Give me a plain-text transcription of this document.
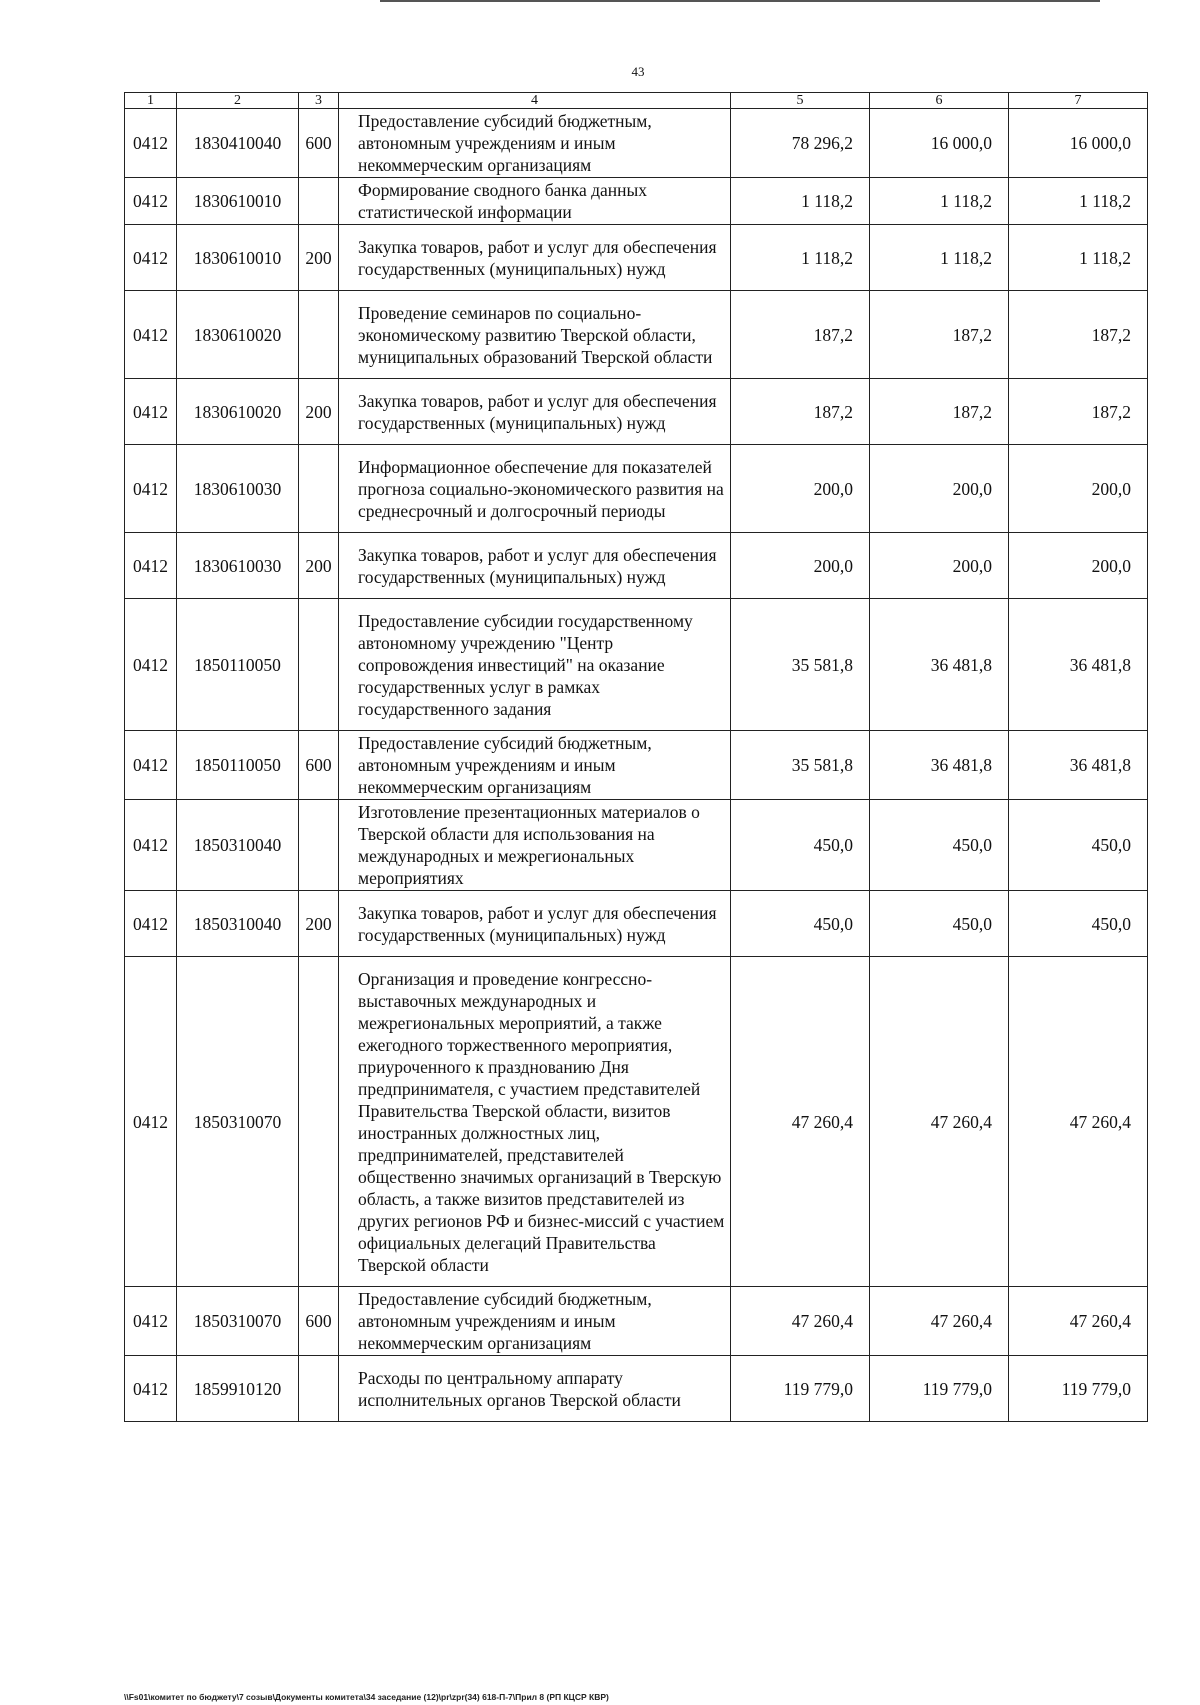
43
1	2	3	4	5	6	7
0412	1830410040	600	Предоставление субсидий бюджетным, автономным учреждениям и иным некоммерческим организациям	78 296,2	16 000,0	16 000,0
0412	1830610010		Формирование сводного банка данных статистической информации	1 118,2	1 118,2	1 118,2
0412	1830610010	200	Закупка товаров, работ и услуг для обеспечения государственных (муниципальных) нужд	1 118,2	1 118,2	1 118,2
0412	1830610020		Проведение семинаров по социально-экономическому развитию Тверской области, муниципальных образований Тверской области	187,2	187,2	187,2
0412	1830610020	200	Закупка товаров, работ и услуг для обеспечения государственных (муниципальных) нужд	187,2	187,2	187,2
0412	1830610030		Информационное обеспечение для показателей прогноза социально-экономического развития на среднесрочный и долгосрочный периоды	200,0	200,0	200,0
0412	1830610030	200	Закупка товаров, работ и услуг для обеспечения государственных (муниципальных) нужд	200,0	200,0	200,0
0412	1850110050		Предоставление субсидии государственному автономному учреждению "Центр сопровождения инвестиций" на оказание государственных услуг в рамках государственного задания	35 581,8	36 481,8	36 481,8
0412	1850110050	600	Предоставление субсидий бюджетным, автономным учреждениям и иным некоммерческим организациям	35 581,8	36 481,8	36 481,8
0412	1850310040		Изготовление презентационных материалов о Тверской области для использования на международных и межрегиональных мероприятиях	450,0	450,0	450,0
0412	1850310040	200	Закупка товаров, работ и услуг для обеспечения государственных (муниципальных) нужд	450,0	450,0	450,0
0412	1850310070		Организация и проведение конгрессно-выставочных международных и межрегиональных мероприятий, а также ежегодного торжественного мероприятия, приуроченного к празднованию Дня предпринимателя, с участием представителей Правительства Тверской области, визитов иностранных должностных лиц, предпринимателей, представителей общественно значимых организаций в Тверскую область, а также визитов представителей из других регионов РФ и бизнес-миссий с участием официальных делегаций Правительства Тверской области	47 260,4	47 260,4	47 260,4
0412	1850310070	600	Предоставление субсидий бюджетным, автономным учреждениям и иным некоммерческим организациям	47 260,4	47 260,4	47 260,4
0412	1859910120		Расходы по центральному аппарату исполнительных органов Тверской области	119 779,0	119 779,0	119 779,0
\\Fs01\комитет по бюджету\7 созыв\Документы комитета\34 заседание (12)\pr\zpr(34) 618-П-7\Прил 8 (РП КЦСР КВР)
